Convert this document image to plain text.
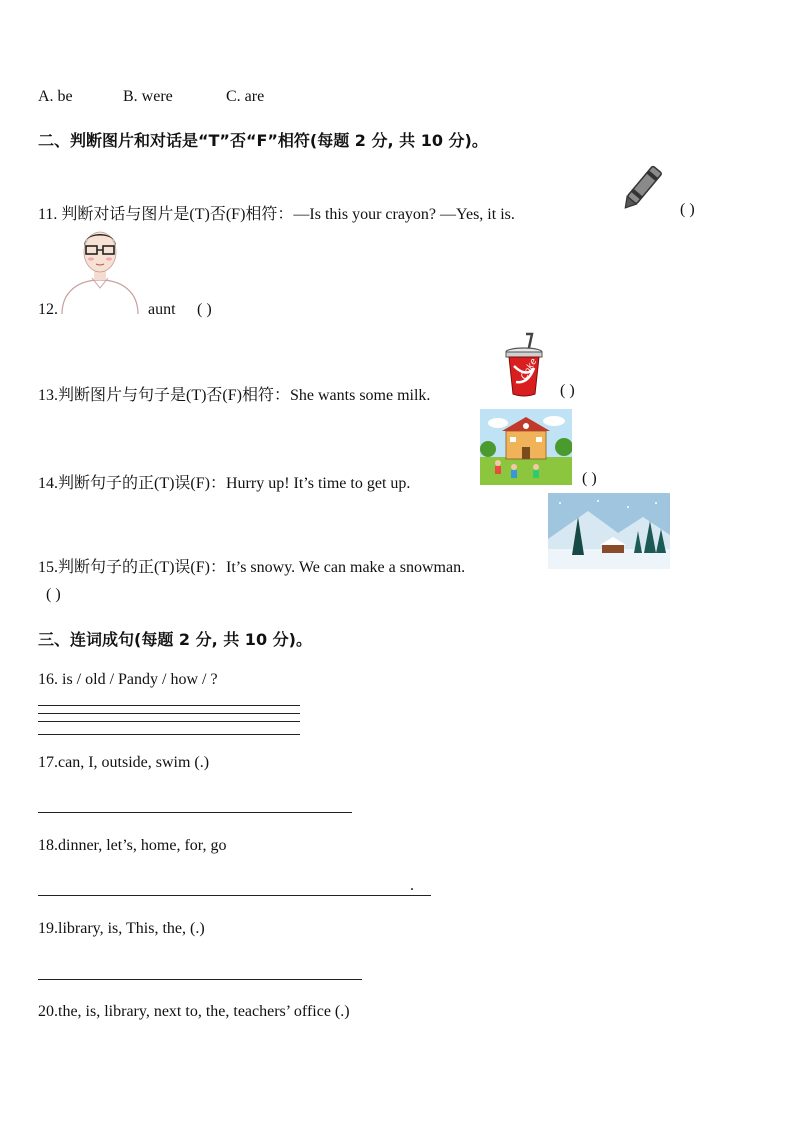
A. be	B. were	C. are
二、判断图片和对话是“T”否“F”相符(每题 2 分, 共 10 分)。
11. 判断对话与图片是(T)否(F)相符：—Is this your crayon? —Yes, it is.	( )
12.	aunt ( )
13.判断图片与句子是(T)否(F)相符：She wants some milk.
Coke
( )
14.判断句子的正(T)误(F)：Hurry up! It’s time to get up.	( )
15.判断句子的正(T)误(F)：It’s snowy. We can make a snowman.
( )
三、连词成句(每题 2 分, 共 10 分)。
16. is / old / Pandy / how / ?
17.can, I, outside, swim (.)
18.dinner, let’s, home, for, go
.
19.library, is, This, the, (.)
20.the, is, library, next to, the, teachers’ office (.)
